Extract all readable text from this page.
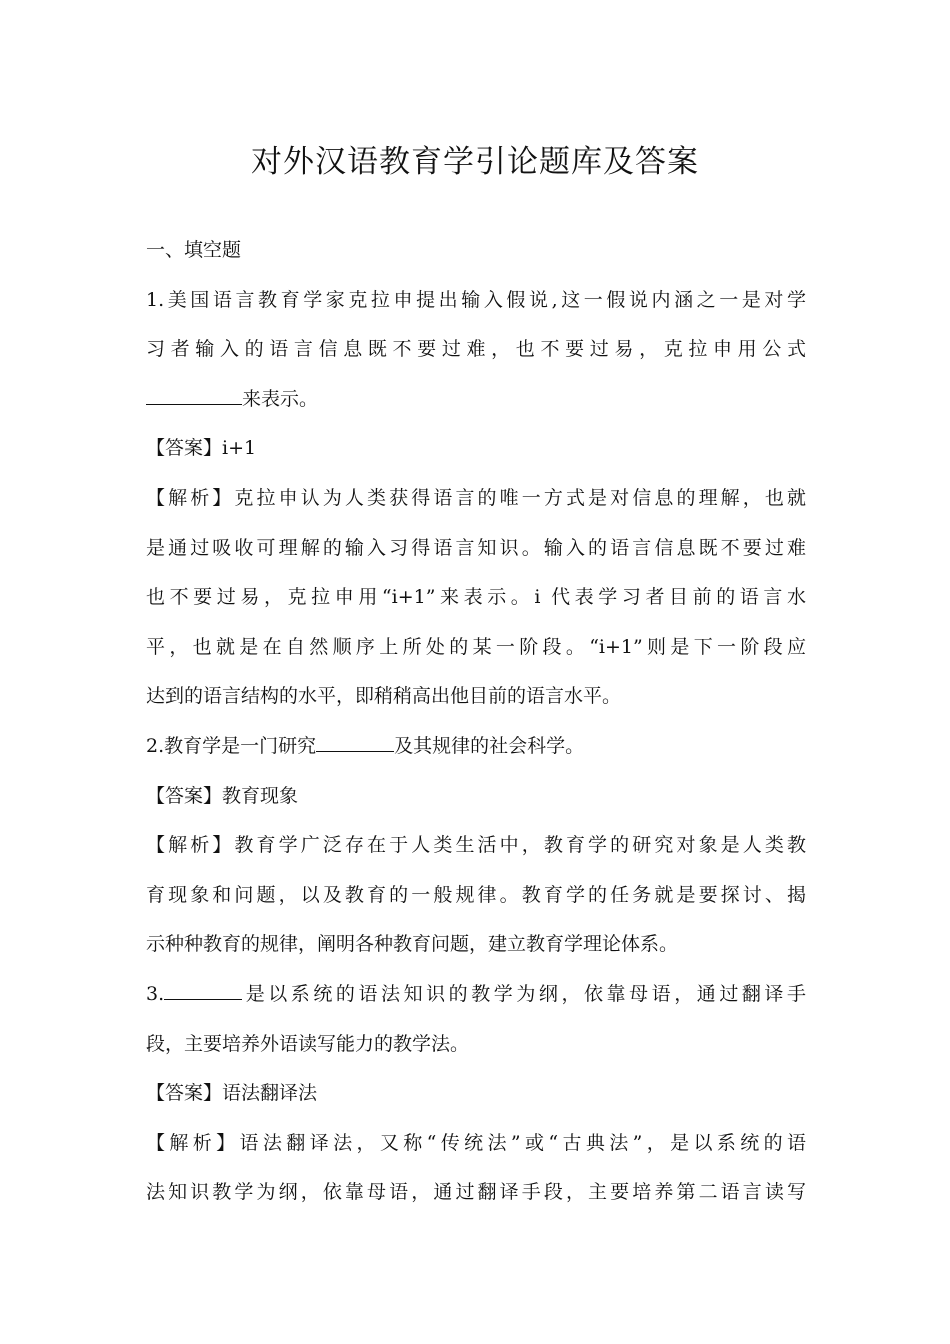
对外汉语教育学引论题库及答案
一、填空题
1.美国语言教育学家克拉申提出输入假说,这一假说内涵之一是对学
习者输入的语言信息既不要过难，也不要过易，克拉申用公式
来表示。
【答案】i+1
【解析】克拉申认为人类获得语言的唯一方式是对信息的理解，也就
是通过吸收可理解的输入习得语言知识。输入的语言信息既不要过难
也不要过易，克拉申用“i+1”来表示。i 代表学习者目前的语言水
平，也就是在自然顺序上所处的某一阶段。“i+1”则是下一阶段应
达到的语言结构的水平，即稍稍高出他目前的语言水平。
2.教育学是一门研究	及其规律的社会科学。
【答案】教育现象
【解析】教育学广泛存在于人类生活中，教育学的研究对象是人类教
育现象和问题，以及教育的一般规律。教育学的任务就是要探讨、揭
示种种教育的规律，阐明各种教育问题，建立教育学理论体系。
3.	是以系统的语法知识的教学为纲，依靠母语，通过翻译手
段，主要培养外语读写能力的教学法。
【答案】语法翻译法
【解析】语法翻译法，又称“传统法”或“古典法”，是以系统的语
法知识教学为纲，依靠母语，通过翻译手段，主要培养第二语言读写
